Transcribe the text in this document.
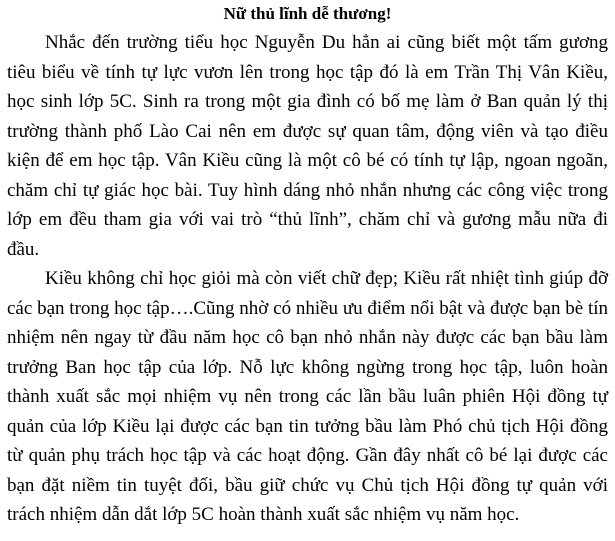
Nữ thủ lĩnh dễ thương!

Nhắc đến trường tiểu học Nguyễn Du hẳn ai cũng biết một tấm gương tiêu biểu về tính tự lực vươn lên trong học tập đó là em Trần Thị Vân Kiều, học sinh lớp 5C. Sinh ra trong một gia đình có bố mẹ làm ở Ban quản lý thị trường thành phố Lào Cai nên em được sự quan tâm, động viên và tạo điều kiện để em học tập. Vân Kiều cũng là một cô bé có tính tự lập, ngoan ngoãn, chăm chỉ tự giác học bài. Tuy hình dáng nhỏ nhắn nhưng các công việc trong lớp em đều tham gia với vai trò “thủ lĩnh”, chăm chỉ và gương mẫu nữa đi đầu.

Kiều không chỉ học giỏi mà còn viết chữ đẹp; Kiều rất nhiệt tình giúp đỡ các bạn trong học tập….Cũng nhờ có nhiều ưu điểm nổi bật và được bạn bè tín nhiệm nên ngay từ đầu năm học cô bạn nhỏ nhắn này được các bạn bầu làm trưởng Ban học tập của lớp. Nỗ lực không ngừng trong học tập, luôn hoàn thành xuất sắc mọi nhiệm vụ nên trong các lần bầu luân phiên Hội đồng tự quản của lớp Kiều lại được các bạn tin tưởng bầu làm Phó chủ tịch Hội đồng từ quản phụ trách học tập và các hoạt động. Gần đây nhất cô bé lại được các bạn đặt niềm tin tuyệt đối, bầu giữ chức vụ Chủ tịch Hội đồng tự quản với trách nhiệm dẫn dắt lớp 5C hoàn thành xuất sắc nhiệm vụ năm học.
